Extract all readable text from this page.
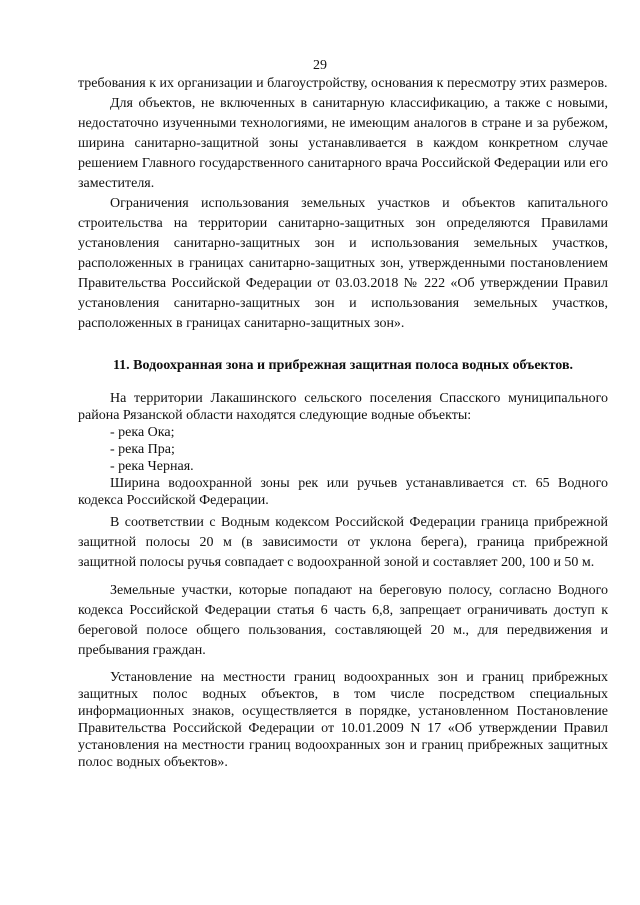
29

требования к их организации и благоустройству, основания к пересмотру этих размеров.

Для объектов, не включенных в санитарную классификацию, а также с новыми, недостаточно изученными технологиями, не имеющим аналогов в стране и за рубежом, ширина санитарно-защитной зоны устанавливается в каждом конкретном случае решением Главного государственного санитарного врача Российской Федерации или его заместителя.

Ограничения использования земельных участков и объектов капитального строительства на территории санитарно-защитных зон определяются Правилами установления санитарно-защитных зон и использования земельных участков, расположенных в границах санитарно-защитных зон, утвержденными постановлением Правительства Российской Федерации от 03.03.2018 № 222 «Об утверждении Правил установления санитарно-защитных зон и использования земельных участков, расположенных в границах санитарно-защитных зон».

11. Водоохранная зона и прибрежная защитная полоса водных объектов.

На территории Лакашинского сельского поселения Спасского муниципального района Рязанской области находятся следующие водные объекты:

- река Ока;

- река Пра;

- река Черная.

Ширина водоохранной зоны рек или ручьев устанавливается ст. 65 Водного кодекса Российской Федерации.

В соответствии с Водным кодексом Российской Федерации граница прибрежной защитной полосы 20 м (в зависимости от уклона берега), граница прибрежной защитной полосы ручья совпадает с водоохранной зоной и составляет 200, 100 и 50 м.

Земельные участки, которые попадают на береговую полосу, согласно Водного кодекса Российской Федерации статья 6 часть 6,8, запрещает ограничивать доступ к береговой полосе общего пользования, составляющей 20 м., для передвижения и пребывания граждан.

Установление на местности границ водоохранных зон и границ прибрежных защитных полос водных объектов, в том числе посредством специальных информационных знаков, осуществляется в порядке, установленном Постановление Правительства Российской Федерации от 10.01.2009 N 17 «Об утверждении Правил установления на местности границ водоохранных зон и границ прибрежных защитных полос водных объектов».
